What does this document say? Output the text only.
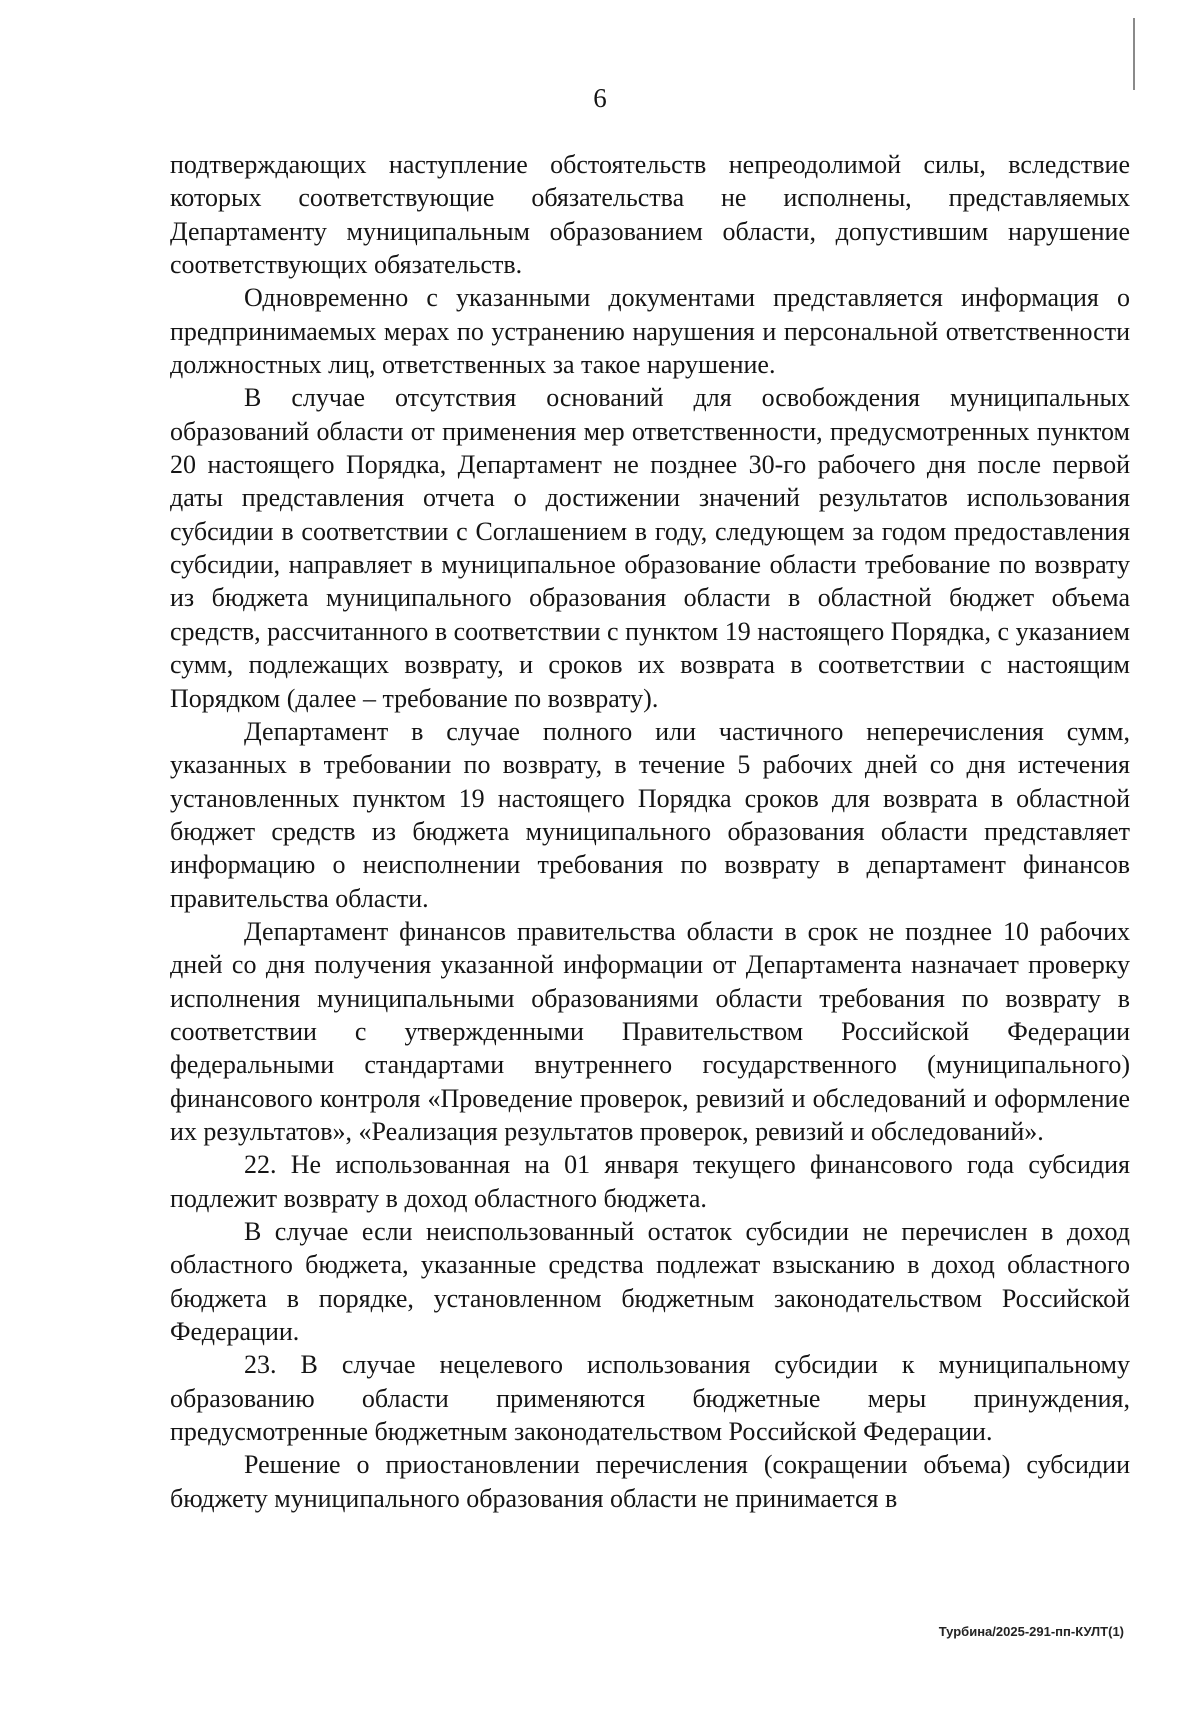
6

подтверждающих наступление обстоятельств непреодолимой силы, вследствие которых соответствующие обязательства не исполнены, представляемых Департаменту муниципальным образованием области, допустившим нарушение соответствующих обязательств.

Одновременно с указанными документами представляется информация о предпринимаемых мерах по устранению нарушения и персональной ответственности должностных лиц, ответственных за такое нарушение.

В случае отсутствия оснований для освобождения муниципальных образований области от применения мер ответственности, предусмотренных пунктом 20 настоящего Порядка, Департамент не позднее 30-го рабочего дня после первой даты представления отчета о достижении значений результатов использования субсидии в соответствии с Соглашением в году, следующем за годом предоставления субсидии, направляет в муниципальное образование области требование по возврату из бюджета муниципального образования области в областной бюджет объема средств, рассчитанного в соответствии с пунктом 19 настоящего Порядка, с указанием сумм, подлежащих возврату, и сроков их возврата в соответствии с настоящим Порядком (далее – требование по возврату).

Департамент в случае полного или частичного неперечисления сумм, указанных в требовании по возврату, в течение 5 рабочих дней со дня истечения установленных пунктом 19 настоящего Порядка сроков для возврата в областной бюджет средств из бюджета муниципального образования области представляет информацию о неисполнении требования по возврату в департамент финансов правительства области.

Департамент финансов правительства области в срок не позднее 10 рабочих дней со дня получения указанной информации от Департамента назначает проверку исполнения муниципальными образованиями области требования по возврату в соответствии с утвержденными Правительством Российской Федерации федеральными стандартами внутреннего государственного (муниципального) финансового контроля «Проведение проверок, ревизий и обследований и оформление их результатов», «Реализация результатов проверок, ревизий и обследований».

22. Не использованная на 01 января текущего финансового года субсидия подлежит возврату в доход областного бюджета.

В случае если неиспользованный остаток субсидии не перечислен в доход областного бюджета, указанные средства подлежат взысканию в доход областного бюджета в порядке, установленном бюджетным законодательством Российской Федерации.

23. В случае нецелевого использования субсидии к муниципальному образованию области применяются бюджетные меры принуждения, предусмотренные бюджетным законодательством Российской Федерации.

Решение о приостановлении перечисления (сокращении объема) субсидии бюджету муниципального образования области не принимается в

Турбина/2025-291-пп-КУЛТ(1)
